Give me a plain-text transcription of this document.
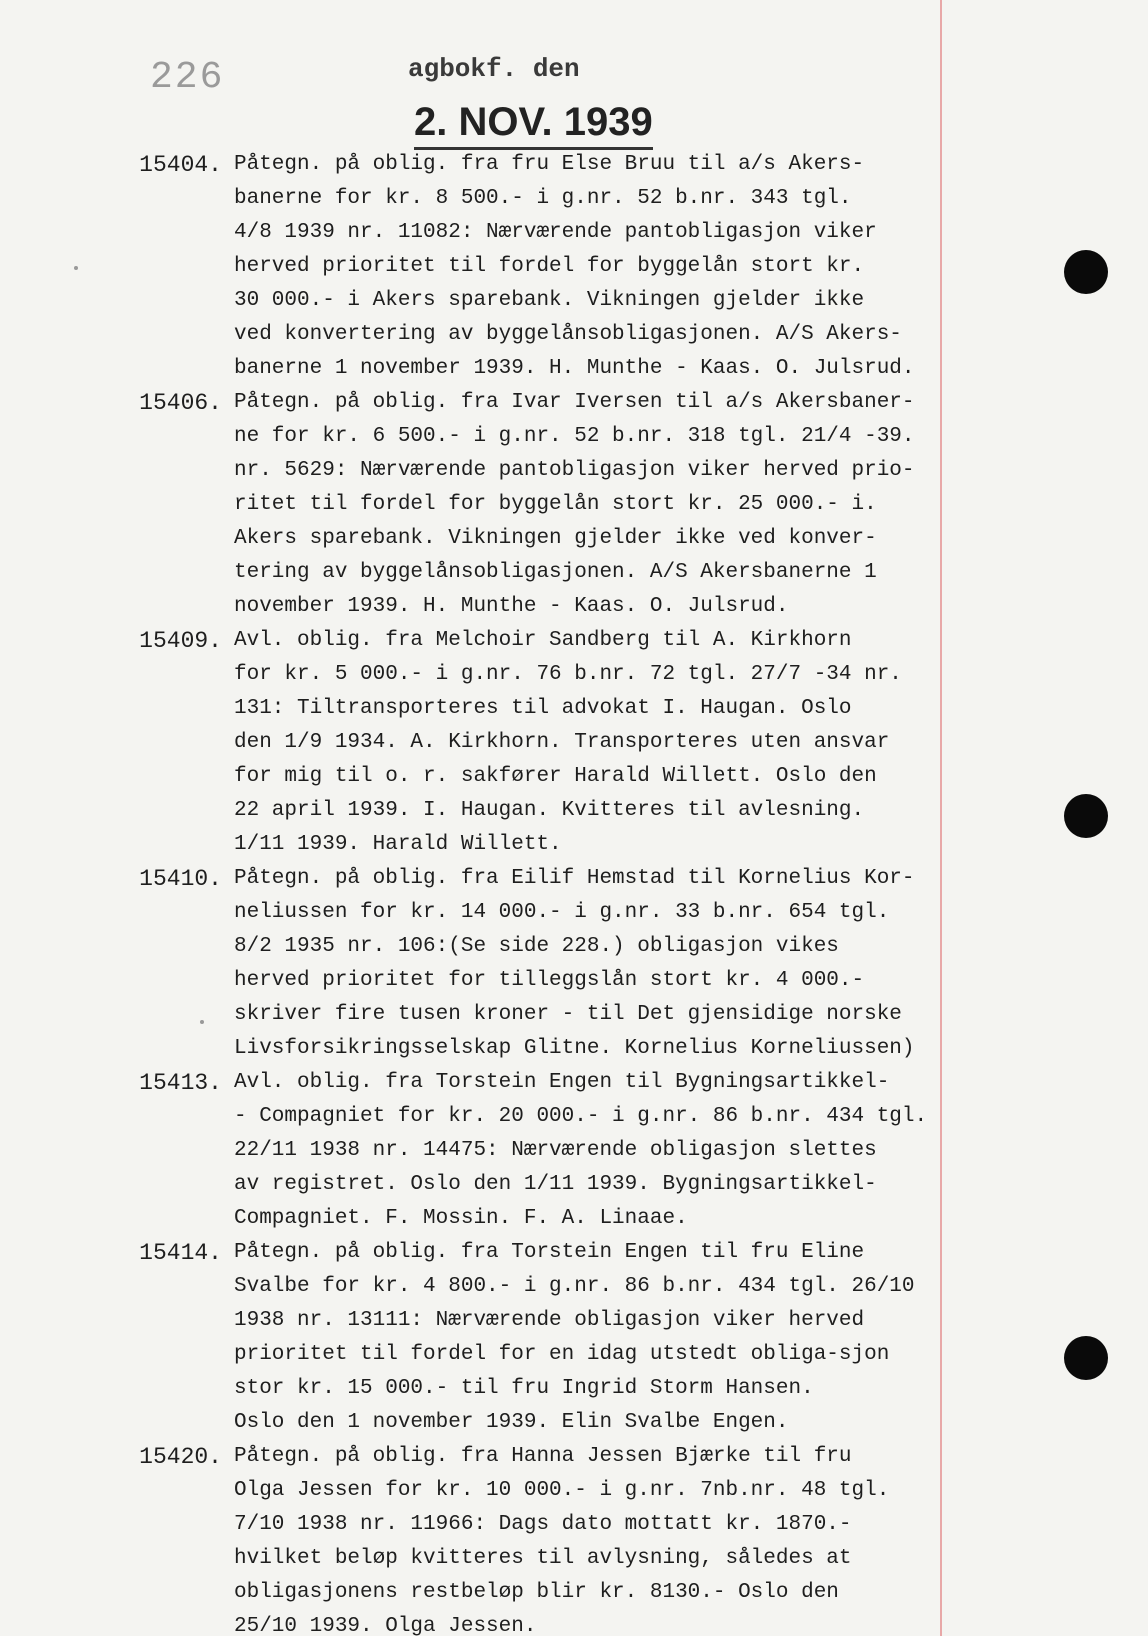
226	agbokf. den
2. NOV. 1939
15404. Påtegn. på oblig. fra fru Else Bruu til a/s Akers-
banerne for kr. 8 500.- i g.nr. 52 b.nr. 343 tgl.
4/8 1939 nr. 11082: Nærværende pantobligasjon viker
herved prioritet til fordel for byggelån stort kr.
30 000.- i Akers sparebank. Vikningen gjelder ikke
ved konvertering av byggelånsobligasjonen. A/S Akers-
banerne 1 november 1939. H. Munthe - Kaas. O. Julsrud.
15406. Påtegn. på oblig. fra Ivar Iversen til a/s Akersbaner-
ne for kr. 6 500.- i g.nr. 52 b.nr. 318 tgl. 21/4 -39.
nr. 5629: Nærværende pantobligasjon viker herved prio-
ritet til fordel for byggelån stort kr. 25 000.- i.
Akers sparebank. Vikningen gjelder ikke ved konver-
tering av byggelånsobligasjonen. A/S Akersbanerne 1
november 1939. H. Munthe - Kaas. O. Julsrud.
15409. Avl. oblig. fra Melchoir Sandberg til A. Kirkhorn
for kr. 5 000.- i g.nr. 76 b.nr. 72 tgl. 27/7 -34 nr.
131: Tiltransporteres til advokat I. Haugan. Oslo
den 1/9 1934. A. Kirkhorn. Transporteres uten ansvar
for mig til o. r. sakfører Harald Willett. Oslo den
22 april 1939. I. Haugan. Kvitteres til avlesning.
1/11 1939. Harald Willett.
15410. Påtegn. på oblig. fra Eilif Hemstad til Kornelius Kor-
neliussen for kr. 14 000.- i g.nr. 33 b.nr. 654 tgl.
8/2 1935 nr. 106:(Se side 228.) obligasjon vikes
herved prioritet for tilleggslån stort kr. 4 000.-
skriver fire tusen kroner - til Det gjensidige norske
Livsforsikringsselskap Glitne. Kornelius Korneliussen)
15413. Avl. oblig. fra Torstein Engen til Bygningsartikkel-
- Compagniet for kr. 20 000.- i g.nr. 86 b.nr. 434 tgl.
22/11 1938 nr. 14475: Nærværende obligasjon slettes
av registret. Oslo den 1/11 1939. Bygningsartikkel-
Compagniet. F. Mossin. F. A. Linaae.
15414. Påtegn. på oblig. fra Torstein Engen til fru Eline
Svalbe for kr. 4 800.- i g.nr. 86 b.nr. 434 tgl. 26/10
1938 nr. 13111: Nærværende obligasjon viker herved
prioritet til fordel for en idag utstedt obliga-sjon
stor kr. 15 000.- til fru Ingrid Storm Hansen.
Oslo den 1 november 1939. Elin Svalbe Engen.
15420. Påtegn. på oblig. fra Hanna Jessen Bjærke til fru
Olga Jessen for kr. 10 000.- i g.nr. 7nb.nr. 48 tgl.
7/10 1938 nr. 11966: Dags dato mottatt kr. 1870.-
hvilket beløp kvitteres til avlysning, således at
obligasjonens restbeløp blir kr. 8130.- Oslo den
25/10 1939. Olga Jessen.
